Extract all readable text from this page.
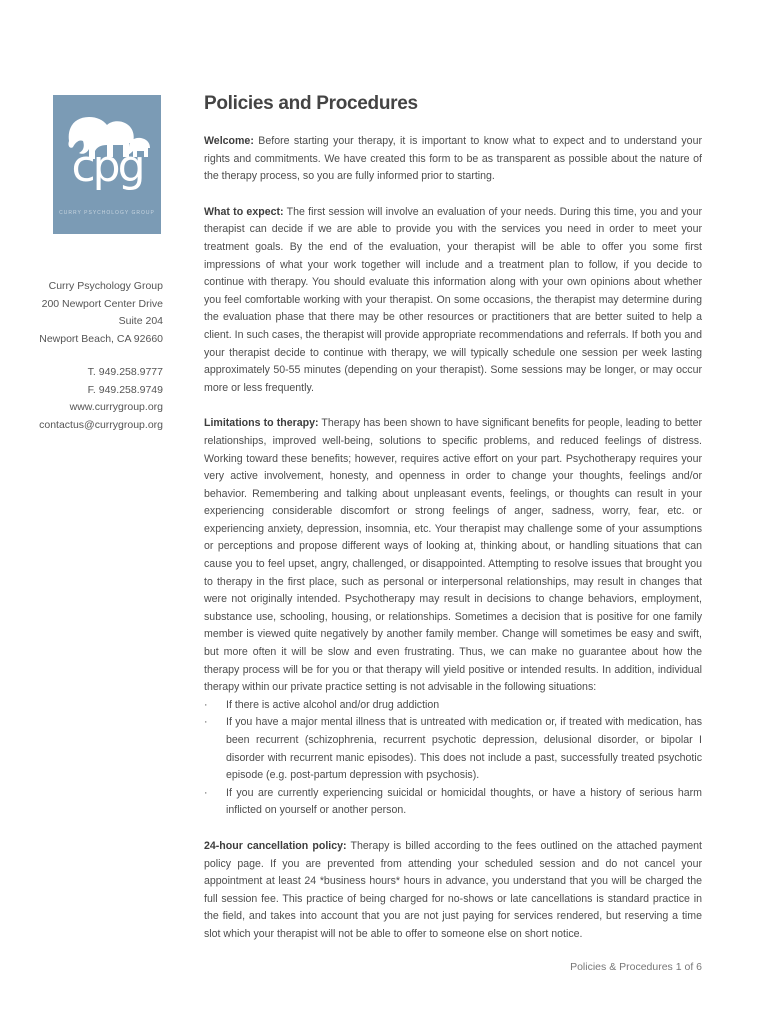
cpg
CURRY PSYCHOLOGY GROUP
Curry Psychology Group
200 Newport Center Drive
Suite 204
Newport Beach, CA 92660
T. 949.258.9777
F. 949.258.9749
www.currygroup.org
contactus@currygroup.org
Policies and Procedures

Welcome: Before starting your therapy, it is important to know what to expect and to understand your rights and commitments. We have created this form to be as transparent as possible about the nature of the therapy process, so you are fully informed prior to starting.

What to expect: The first session will involve an evaluation of your needs. During this time, you and your therapist can decide if we are able to provide you with the services you need in order to meet your treatment goals. By the end of the evaluation, your therapist will be able to offer you some first impressions of what your work together will include and a treatment plan to follow, if you decide to continue with therapy. You should evaluate this information along with your own opinions about whether you feel comfortable working with your therapist. On some occasions, the therapist may determine during the evaluation phase that there may be other resources or practitioners that are better suited to help a client. In such cases, the therapist will provide appropriate recommendations and referrals. If both you and your therapist decide to continue with therapy, we will typically schedule one session per week lasting approximately 50-55 minutes (depending on your therapist). Some sessions may be longer, or may occur more or less frequently.

Limitations to therapy: Therapy has been shown to have significant benefits for people, leading to better relationships, improved well-being, solutions to specific problems, and reduced feelings of distress. Working toward these benefits; however, requires active effort on your part. Psychotherapy requires your very active involvement, honesty, and openness in order to change your thoughts, feelings and/or behavior. Remembering and talking about unpleasant events, feelings, or thoughts can result in your experiencing considerable discomfort or strong feelings of anger, sadness, worry, fear, etc. or experiencing anxiety, depression, insomnia, etc. Your therapist may challenge some of your assumptions or perceptions and propose different ways of looking at, thinking about, or handling situations that can cause you to feel upset, angry, challenged, or disappointed. Attempting to resolve issues that brought you to therapy in the first place, such as personal or interpersonal relationships, may result in changes that were not originally intended. Psychotherapy may result in decisions to change behaviors, employment, substance use, schooling, housing, or relationships. Sometimes a decision that is positive for one family member is viewed quite negatively by another family member. Change will sometimes be easy and swift, but more often it will be slow and even frustrating. Thus, we can make no guarantee about how the therapy process will be for you or that therapy will yield positive or intended results. In addition, individual therapy within our private practice setting is not advisable in the following situations:

· If there is active alcohol and/or drug addiction
· If you have a major mental illness that is untreated with medication or, if treated with medication, has been recurrent (schizophrenia, recurrent psychotic depression, delusional disorder, or bipolar I disorder with recurrent manic episodes). This does not include a past, successfully treated psychotic episode (e.g. post-partum depression with psychosis).
· If you are currently experiencing suicidal or homicidal thoughts, or have a history of serious harm inflicted on yourself or another person.

24-hour cancellation policy: Therapy is billed according to the fees outlined on the attached payment policy page. If you are prevented from attending your scheduled session and do not cancel your appointment at least 24 *business hours* hours in advance, you understand that you will be charged the full session fee. This practice of being charged for no-shows or late cancellations is standard practice in the field, and takes into account that you are not just paying for services rendered, but reserving a time slot which your therapist will not be able to offer to someone else on short notice.

Policies & Procedures 1 of 6
